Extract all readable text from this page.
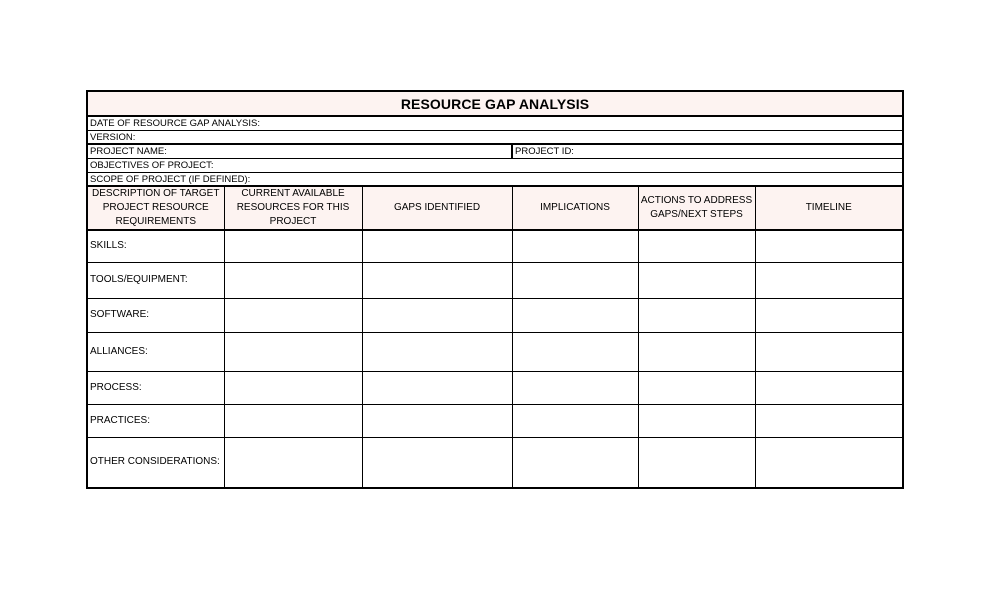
RESOURCE GAP ANALYSIS
DATE OF RESOURCE GAP ANALYSIS:
VERSION:
PROJECT NAME:	PROJECT ID:
OBJECTIVES OF PROJECT:
SCOPE OF PROJECT (IF DEFINED):
DESCRIPTION OF TARGET PROJECT RESOURCE REQUIREMENTS	CURRENT AVAILABLE RESOURCES FOR THIS PROJECT	GAPS IDENTIFIED	IMPLICATIONS	ACTIONS TO ADDRESS GAPS/NEXT STEPS	TIMELINE
SKILLS:					
TOOLS/EQUIPMENT:					
SOFTWARE:					
ALLIANCES:					
PROCESS:					
PRACTICES:					
OTHER CONSIDERATIONS:					
